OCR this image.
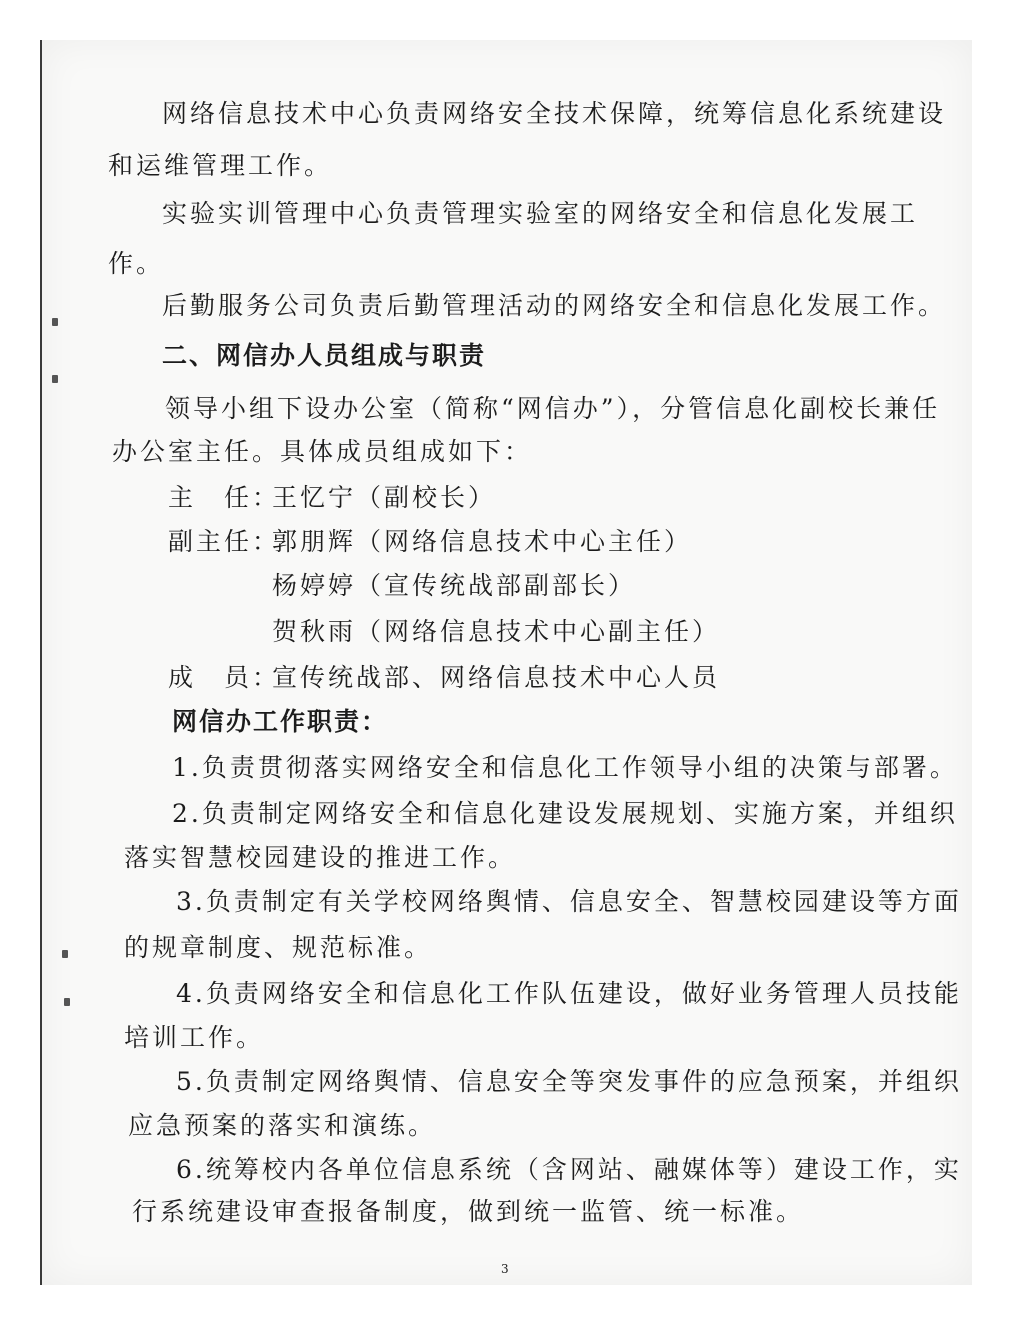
网络信息技术中心负责网络安全技术保障，统筹信息化系统建设
和运维管理工作。
实验实训管理中心负责管理实验室的网络安全和信息化发展工
作。
后勤服务公司负责后勤管理活动的网络安全和信息化发展工作。
二、网信办人员组成与职责
领导小组下设办公室（简称“网信办”），分管信息化副校长兼任
办公室主任。具体成员组成如下：
主　任：
王忆宁（副校长）
副主任：
郭朋辉（网络信息技术中心主任）
杨婷婷（宣传统战部副部长）
贺秋雨（网络信息技术中心副主任）
成　员：
宣传统战部、网络信息技术中心人员
网信办工作职责：
1.负责贯彻落实网络安全和信息化工作领导小组的决策与部署。
2.负责制定网络安全和信息化建设发展规划、实施方案，并组织
落实智慧校园建设的推进工作。
3.负责制定有关学校网络舆情、信息安全、智慧校园建设等方面
的规章制度、规范标准。
4.负责网络安全和信息化工作队伍建设，做好业务管理人员技能
培训工作。
5.负责制定网络舆情、信息安全等突发事件的应急预案，并组织
应急预案的落实和演练。
6.统筹校内各单位信息系统（含网站、融媒体等）建设工作，实
行系统建设审查报备制度，做到统一监管、统一标准。
3
